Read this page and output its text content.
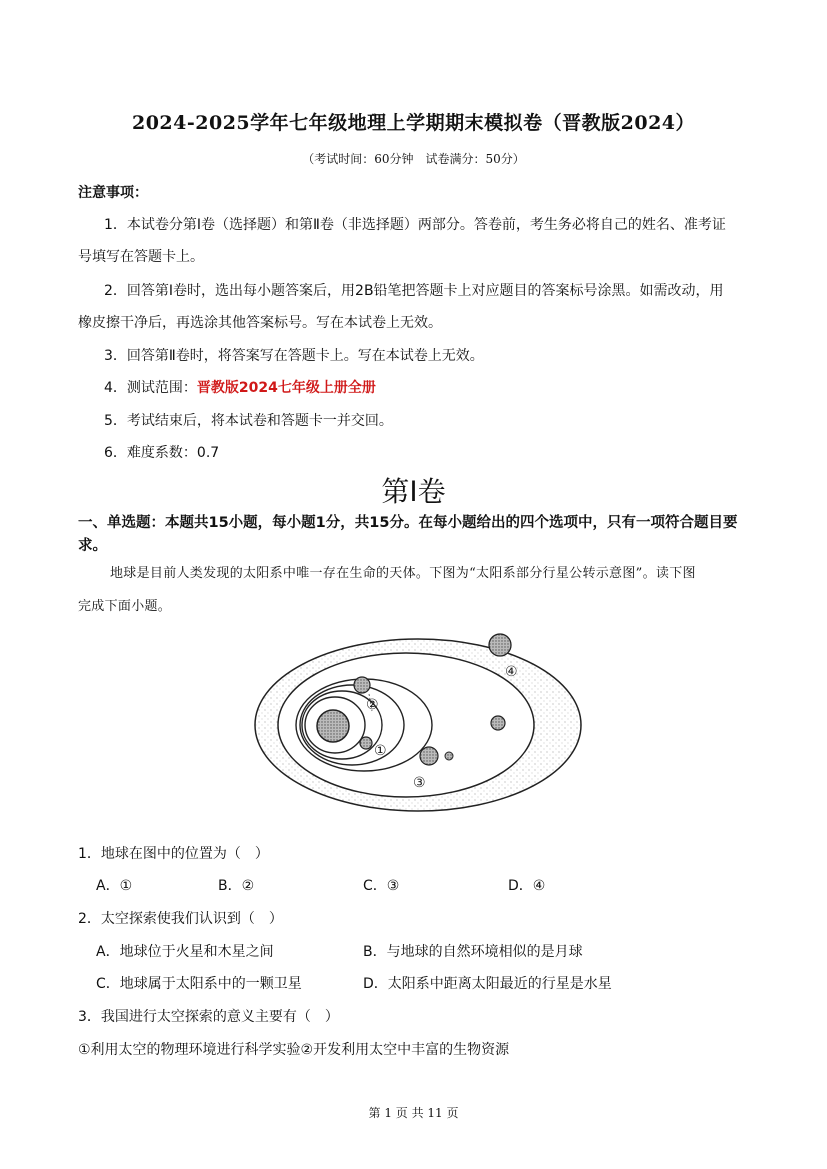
2024-2025学年七年级地理上学期期末模拟卷（晋教版2024）
（考试时间：60分钟　试卷满分：50分）
注意事项：
1．本试卷分第Ⅰ卷（选择题）和第Ⅱ卷（非选择题）两部分。答卷前，考生务必将自己的姓名、准考证
号填写在答题卡上。
2．回答第Ⅰ卷时，选出每小题答案后，用2B铅笔把答题卡上对应题目的答案标号涂黑。如需改动，用
橡皮擦干净后，再选涂其他答案标号。写在本试卷上无效。
3．回答第Ⅱ卷时，将答案写在答题卡上。写在本试卷上无效。
4．测试范围：晋教版2024七年级上册全册
5．考试结束后，将本试卷和答题卡一并交回。
6．难度系数：0.7
第Ⅰ卷
一、单选题：本题共15小题，每小题1分，共15分。在每小题给出的四个选项中，只有一项符合题目要
求。
地球是目前人类发现的太阳系中唯一存在生命的天体。下图为“太阳系部分行星公转示意图”。读下图
完成下面小题。
①
②
③
④
1．地球在图中的位置为（　）
A．①	B．②	C．③	D．④
2．太空探索使我们认识到（　）
A．地球位于火星和木星之间	B．与地球的自然环境相似的是月球
C．地球属于太阳系中的一颗卫星	D．太阳系中距离太阳最近的行星是水星
3．我国进行太空探索的意义主要有（　）
①利用太空的物理环境进行科学实验②开发利用太空中丰富的生物资源
第 1 页 共 11 页
